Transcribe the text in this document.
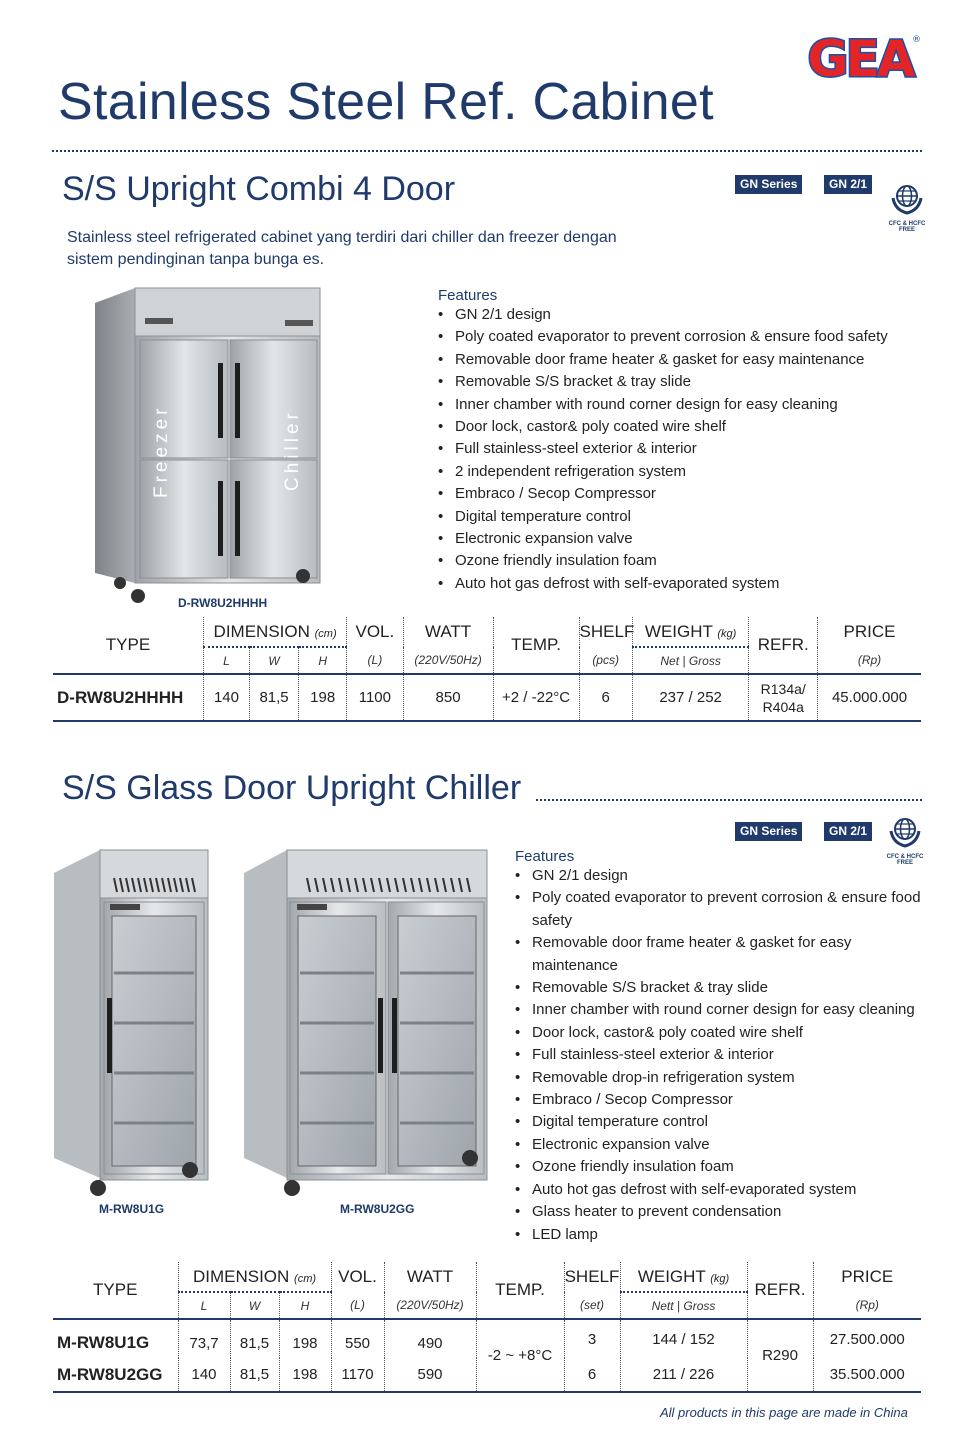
GEA ®
Stainless Steel Ref. Cabinet
S/S Upright Combi 4 Door	GN Series	GN 2/1
CFC & HCFC FREE
Stainless steel refrigerated cabinet yang terdiri dari chiller dan freezer dengan
sistem pendinginan tanpa bunga es.
Freezer	Chiller
D-RW8U2HHHH
Features
• GN 2/1 design
• Poly coated evaporator to prevent corrosion & ensure food safety
• Removable door frame heater & gasket for easy maintenance
• Removable S/S bracket & tray slide
• Inner chamber with round corner design for easy cleaning
• Door lock, castor& poly coated wire shelf
• Full stainless-steel exterior & interior
• 2 independent refrigeration system
• Embraco / Secop Compressor
• Digital temperature control
• Electronic expansion valve
• Ozone friendly insulation foam
• Auto hot gas defrost with self-evaporated system
TYPE	DIMENSION (cm)			VOL.	WATT	TEMP.	SHELF	WEIGHT (kg)	REFR.	PRICE
	L	W	H	(L)	(220V/50Hz)		(pcs)	Net | Gross		(Rp)

D-RW8U2HHHH	140	81,5	198	1100	850	+2 / -22°C	6	237 / 252	R134a/
R404a	45.000.000

S/S Glass Door Upright Chiller
GN Series	GN 2/1
CFC & HCFC FREE
M-RW8U1G	M-RW8U2GG
Features
• GN 2/1 design
• Poly coated evaporator to prevent corrosion & ensure food safety
• Removable door frame heater & gasket for easy maintenance
• Removable S/S bracket & tray slide
• Inner chamber with round corner design for easy cleaning
• Door lock, castor& poly coated wire shelf
• Full stainless-steel exterior & interior
• Removable drop-in refrigeration system
• Embraco / Secop Compressor
• Digital temperature control
• Electronic expansion valve
• Ozone friendly insulation foam
• Auto hot gas defrost with self-evaporated system
• Glass heater to prevent condensation
• LED lamp
TYPE	DIMENSION (cm)			VOL.	WATT	TEMP.	SHELF	WEIGHT (kg)	REFR.	PRICE
	L	W	H	(L)	(220V/50Hz)		(set)	Nett | Gross		(Rp)

M-RW8U1G	73,7	81,5	198	550	490	-2 ~ +8°C	3	144 / 152	R290	27.500.000
M-RW8U2GG	140	81,5	198	1170	590		6	211 / 226		35.500.000

All products in this page are made in China
